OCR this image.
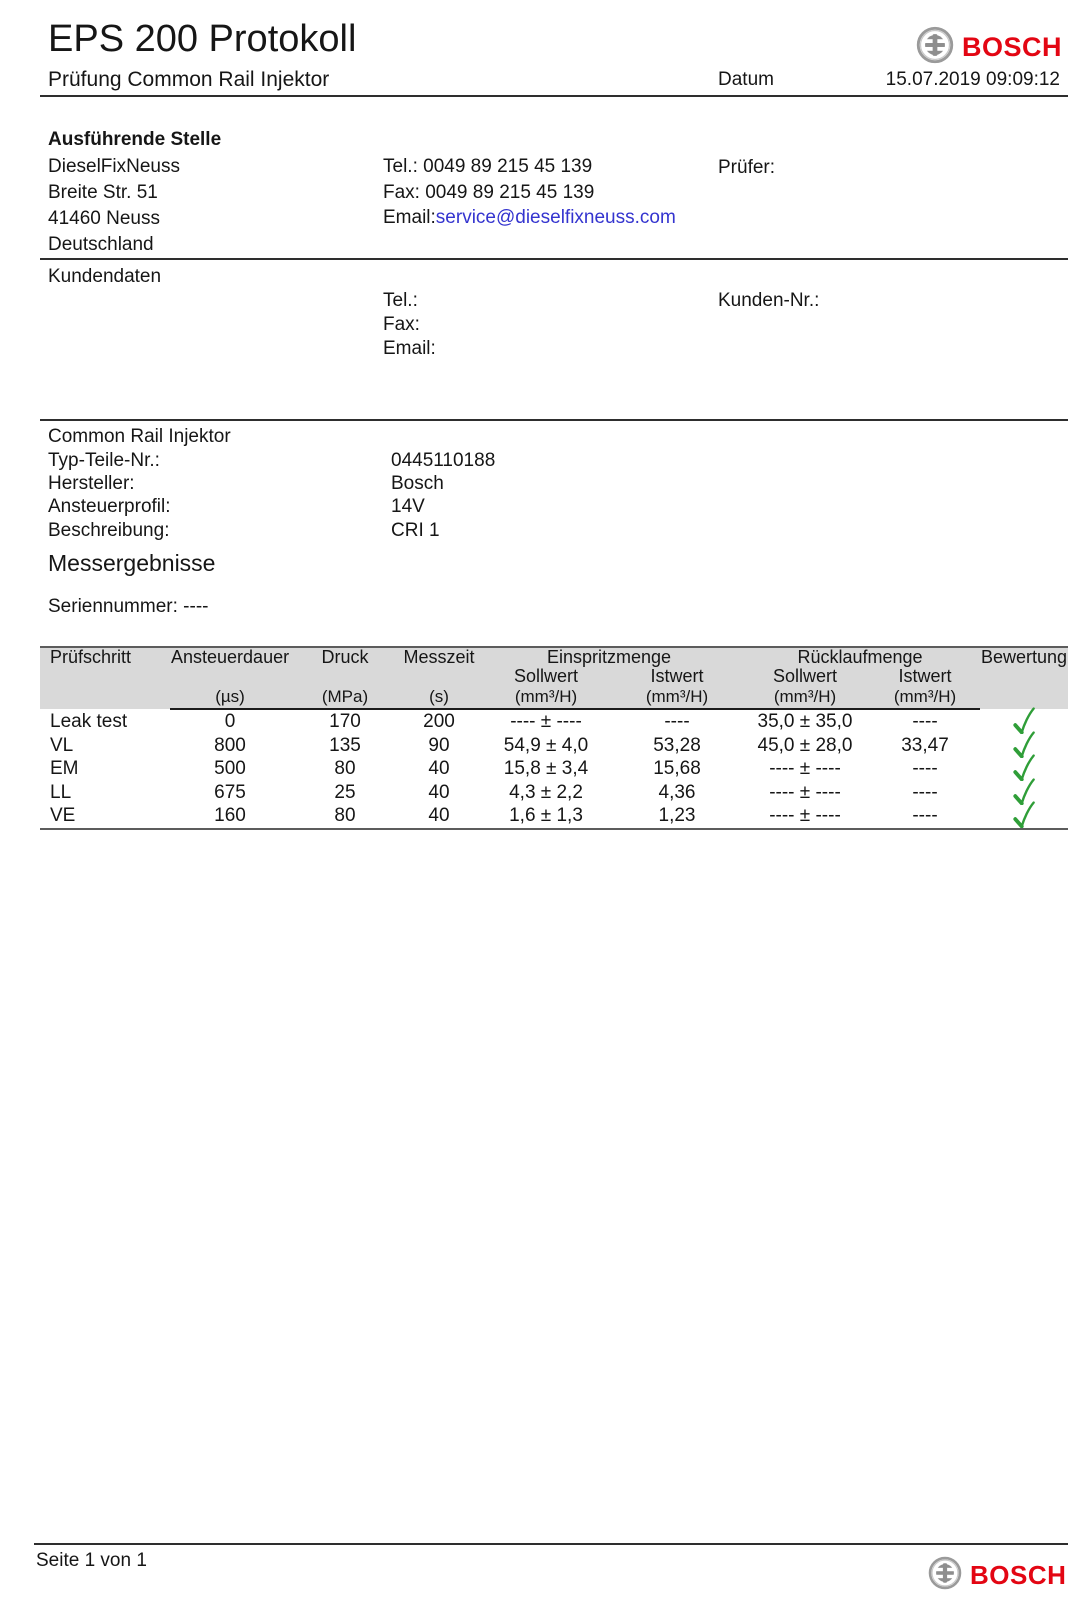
EPS 200 Protokoll
Prüfung Common Rail Injektor
BOSCH
Datum	15.07.2019 09:09:12
Ausführende Stelle
DieselFixNeuss
Breite Str. 51
41460 Neuss
Deutschland
Tel.: 0049 89 215 45 139
Fax: 0049 89 215 45 139
Email:service@dieselfixneuss.com
Prüfer:
Kundendaten
Tel.:
Fax:
Email:
Kunden-Nr.:
Common Rail Injektor
Typ-Teile-Nr.:	0445110188
Hersteller:	Bosch
Ansteuerprofil:	14V
Beschreibung:	CRI 1
Messergebnisse
Seriennummer: ----
Prüfschritt	Ansteuerdauer	Druck	Messzeit	Einspritzmenge		Rücklaufmenge		Bewertung
				Sollwert	Istwert	Sollwert	Istwert	
	(µs)	(MPa)	(s)	(mm³/H)	(mm³/H)	(mm³/H)	(mm³/H)	
Leak test	0	170	200	---- ± ----	----	35,0 ± 35,0	----	
VL	800	135	90	54,9 ± 4,0	53,28	45,0 ± 28,0	33,47	
EM	500	80	40	15,8 ± 3,4	15,68	---- ± ----	----	
LL	675	25	40	4,3 ± 2,2	4,36	---- ± ----	----	
VE	160	80	40	1,6 ± 1,3	1,23	---- ± ----	----	
Seite 1 von 1	BOSCH
